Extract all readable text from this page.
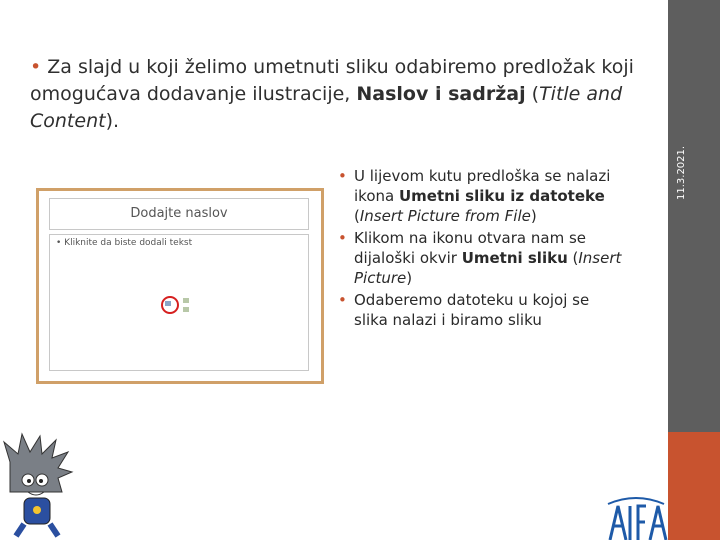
11.3.2021.
• Za slajd u koji želimo umetnuti sliku odabiremo predložak koji omogućava dodavanje ilustracije, Naslov i sadržaj (Title and Content).
Dodajte naslov
• Kliknite da biste dodali tekst
• U lijevom kutu predloška se nalazi ikona Umetni sliku iz datoteke (Insert Picture from File)
• Klikom na ikonu otvara nam se dijaloški okvir Umetni sliku (Insert Picture)
• Odaberemo datoteku u kojoj se slika nalazi i biramo sliku
